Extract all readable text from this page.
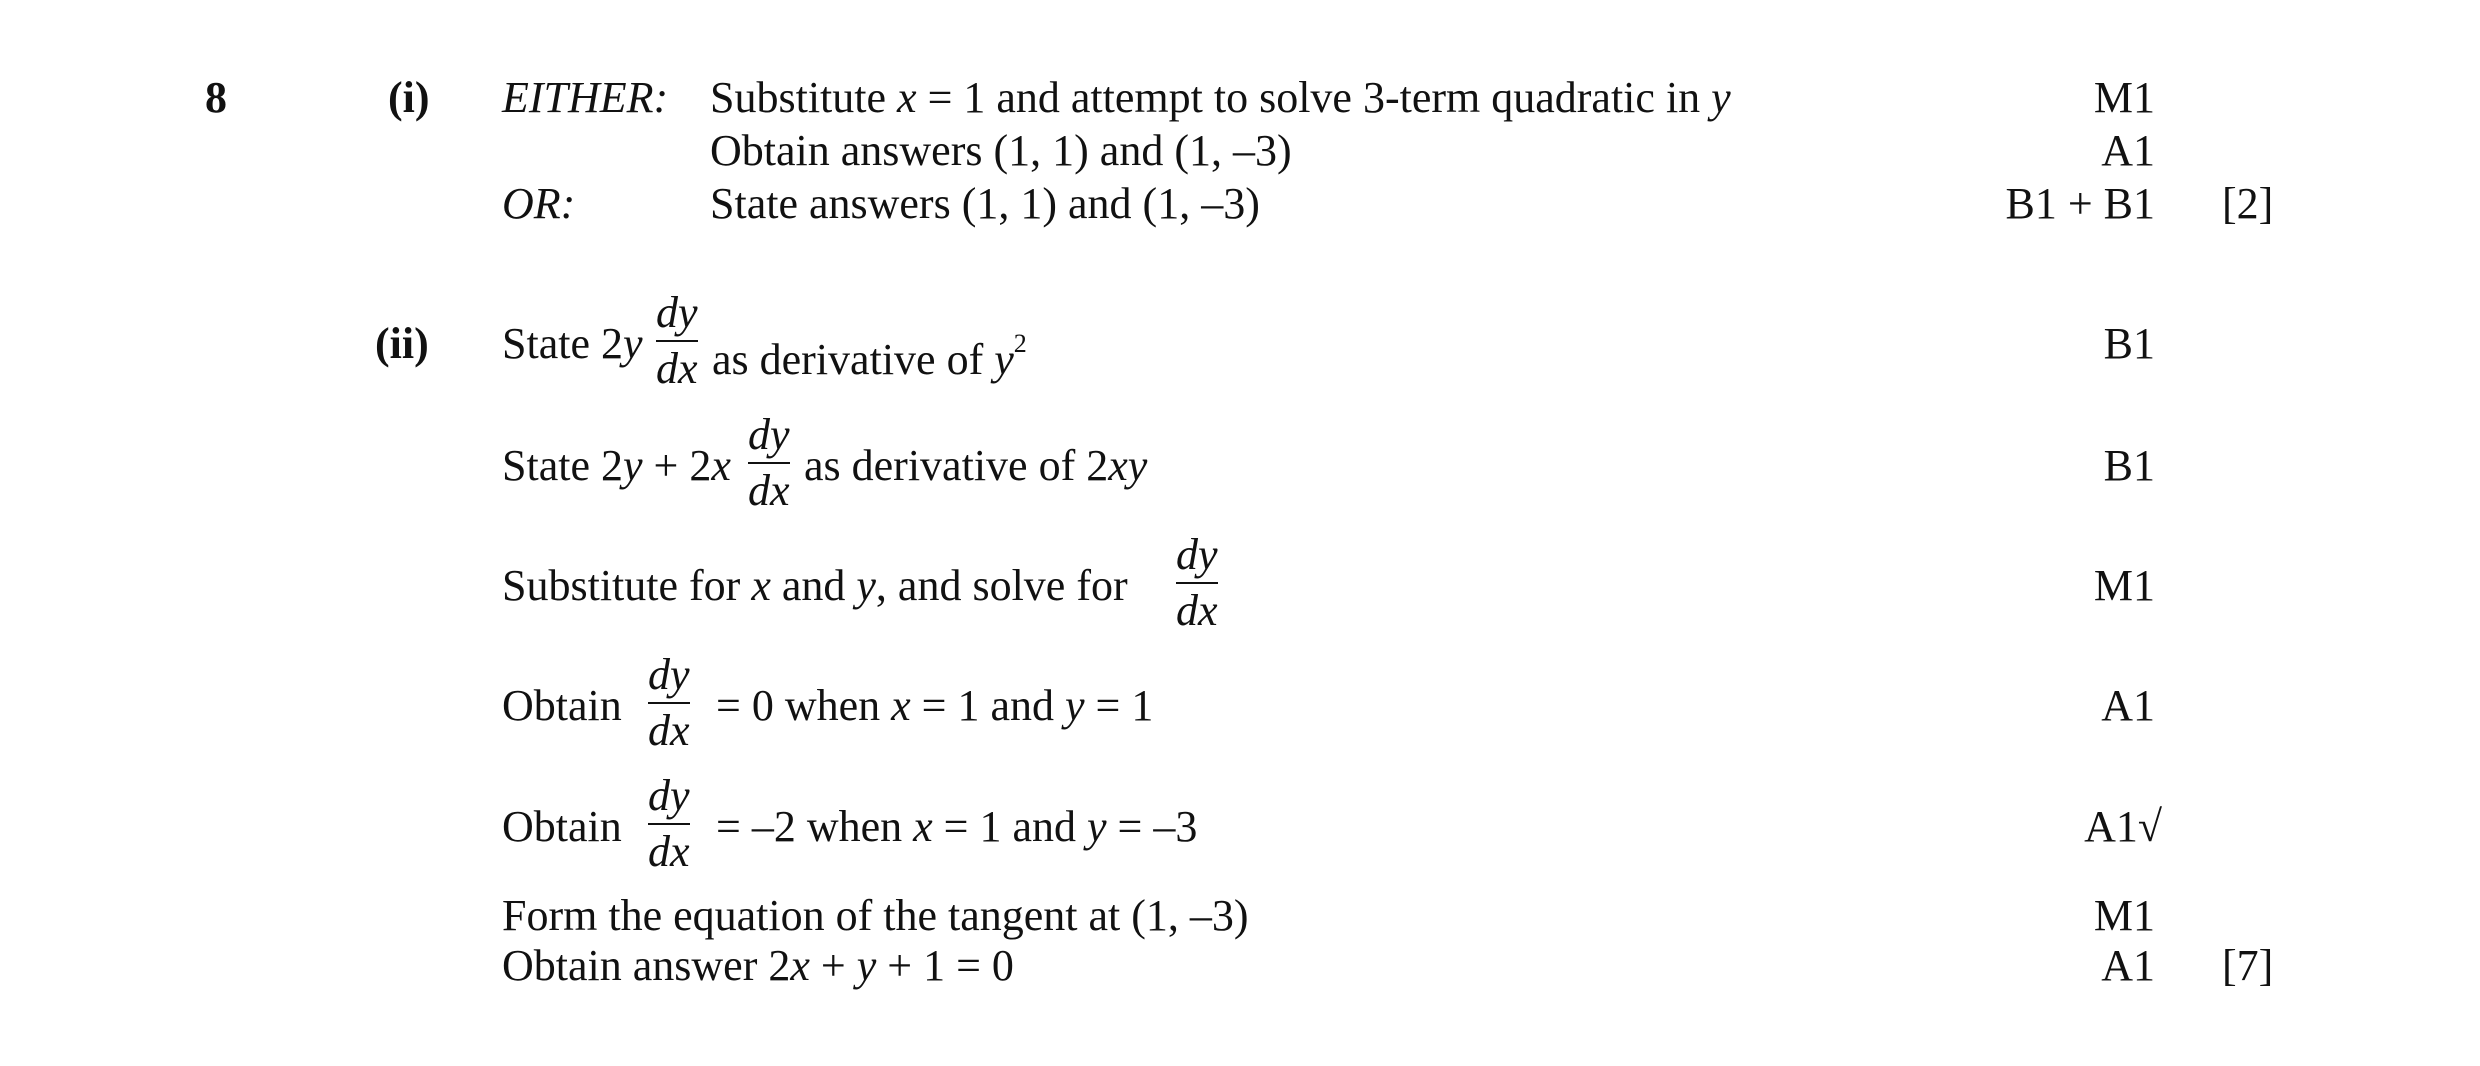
8	(i) EITHER: Substitute x = 1 and attempt to solve 3-term quadratic in y
Obtain answers (1, 1) and (1, –3)
OR:	State answers (1, 1) and (1, –3)
M1
A1
B1 + B1 [2]
(ii) State 2y
dy
dx as derivative of $y^2$
State 2y + 2x
dy
dx
as derivative of 2xy
Substitute for x and y, and solve for
dy
dx
Obtain
dy
dx
= 0 when x = 1 and y = 1
Obtain
dy
dx
= –2 when x = 1 and y = –3
Form the equation of the tangent at (1, –3)
Obtain answer 2x + y + 1 = 0
B1
B1
M1
A1
A1√
M1
A1 [7]
